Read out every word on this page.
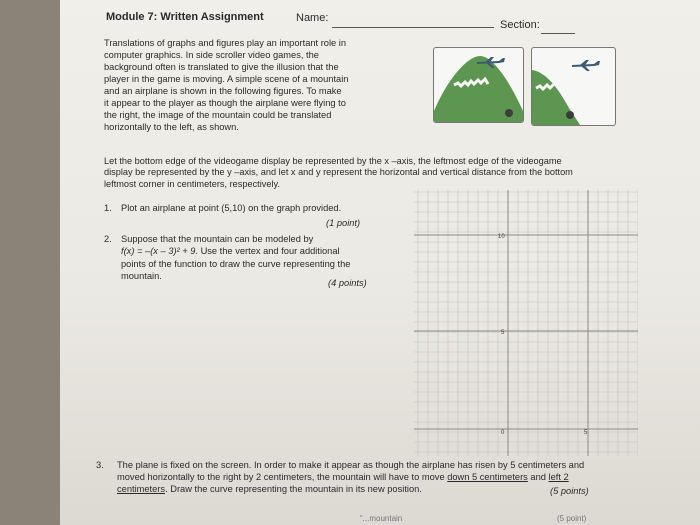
Module 7: Written Assignment	Name:
Section:
Translations of graphs and figures play an important role in
computer graphics. In side scroller video games, the
background often is translated to give the illusion that the
player in the game is moving. A simple scene of a mountain
and an airplane is shown in the following figures. To make
it appear to the player as though the airplane were flying to
the right, the image of the mountain could be translated
horizontally to the left, as shown.
Let the bottom edge of the videogame display be represented by the x –axis, the leftmost edge of the videogame
display be represented by the y –axis, and let x and y represent the horizontal and vertical distance from the bottom
leftmost corner in centimeters, respectively.
1. Plot an airplane at point (5,10) on the graph provided.
(1 point)
2. Suppose that the mountain can be modeled by
f(x) = –(x – 3)² + 9. Use the vertex and four additional
points of the function to draw the curve representing the
mountain.
(4 points)
10
5
0	5
3. The plane is fixed on the screen. In order to make it appear as though the airplane has risen by 5 centimeters and
moved horizontally to the right by 2 centimeters, the mountain will have to move down 5 centimeters and left 2
centimeters. Draw the curve representing the mountain in its new position.	(5 points)
“...mountain	(5 point)
